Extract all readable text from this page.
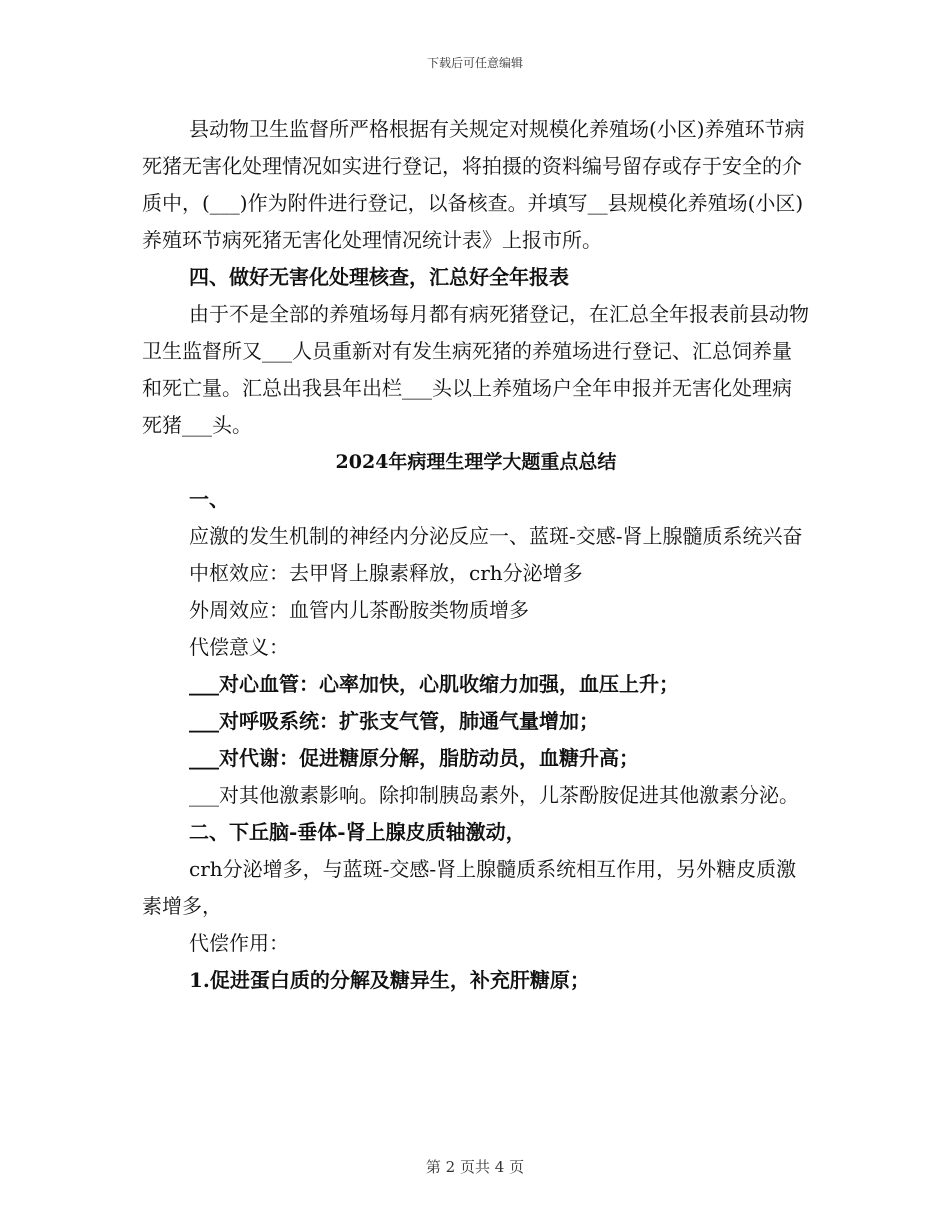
下载后可任意编辑

县动物卫生监督所严格根据有关规定对规模化养殖场(小区)养殖环节病死猪无害化处理情况如实进行登记，将拍摄的资料编号留存或存于安全的介质中，(___)作为附件进行登记，以备核查。并填写__县规模化养殖场(小区)养殖环节病死猪无害化处理情况统计表》上报市所。

四、做好无害化处理核查，汇总好全年报表

由于不是全部的养殖场每月都有病死猪登记，在汇总全年报表前县动物卫生监督所又___人员重新对有发生病死猪的养殖场进行登记、汇总饲养量和死亡量。汇总出我县年出栏___头以上养殖场户全年申报并无害化处理病死猪___头。

2024年病理生理学大题重点总结

一、

应激的发生机制的神经内分泌反应一、蓝斑-交感-肾上腺髓质系统兴奋

中枢效应：去甲肾上腺素释放，crh分泌增多

外周效应：血管内儿茶酚胺类物质增多

代偿意义：

___对心血管：心率加快，心肌收缩力加强，血压上升；

___对呼吸系统：扩张支气管，肺通气量增加；

___对代谢：促进糖原分解，脂肪动员，血糖升高；

___对其他激素影响。除抑制胰岛素外，儿茶酚胺促进其他激素分泌。

二、下丘脑-垂体-肾上腺皮质轴激动，

crh分泌增多，与蓝斑-交感-肾上腺髓质系统相互作用，另外糖皮质激素增多，

代偿作用：

1.促进蛋白质的分解及糖异生，补充肝糖原；

第 2 页共 4 页
